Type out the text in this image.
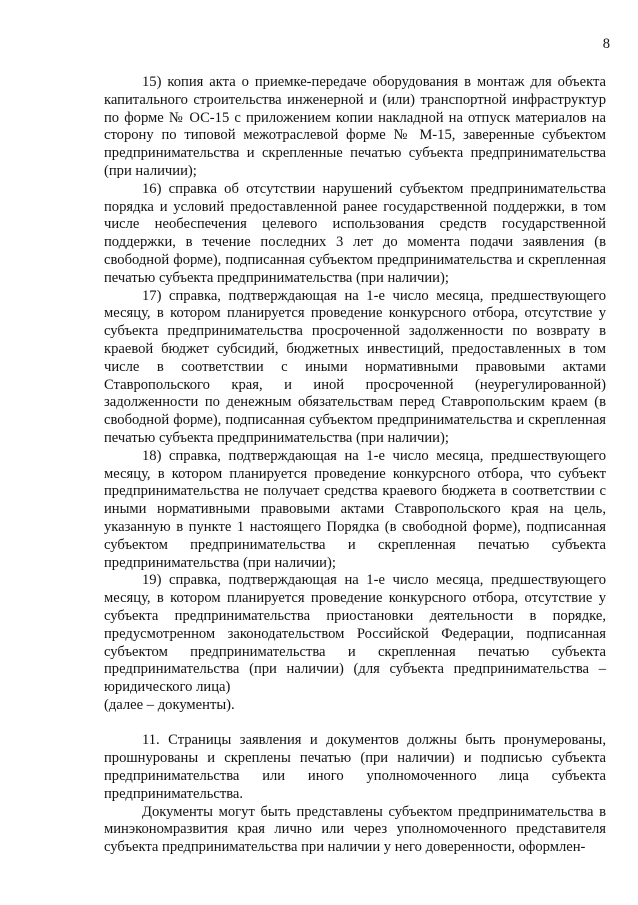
8

15) копия акта о приемке-передаче оборудования в монтаж для объекта капитального строительства инженерной и (или) транспортной инфраструктур по форме № ОС-15 с приложением копии накладной на отпуск материалов на сторону по типовой межотраслевой форме № М-15, заверенные субъектом предпринимательства и скрепленные печатью субъекта предпринимательства (при наличии);

16) справка об отсутствии нарушений субъектом предпринимательства порядка и условий предоставленной ранее государственной поддержки, в том числе необеспечения целевого использования средств государственной поддержки, в течение последних 3 лет до момента подачи заявления (в свободной форме), подписанная субъектом предпринимательства и скрепленная печатью субъекта предпринимательства (при наличии);

17) справка, подтверждающая на 1-е число месяца, предшествующего месяцу, в котором планируется проведение конкурсного отбора, отсутствие у субъекта предпринимательства просроченной задолженности по возврату в краевой бюджет субсидий, бюджетных инвестиций, предоставленных в том числе в соответствии с иными нормативными правовыми актами Ставропольского края, и иной просроченной (неурегулированной) задолженности по денежным обязательствам перед Ставропольским краем (в свободной форме), подписанная субъектом предпринимательства и скрепленная печатью субъекта предпринимательства (при наличии);

18) справка, подтверждающая на 1-е число месяца, предшествующего месяцу, в котором планируется проведение конкурсного отбора, что субъект предпринимательства не получает средства краевого бюджета в соответствии с иными нормативными правовыми актами Ставропольского края на цель, указанную в пункте 1 настоящего Порядка (в свободной форме), подписанная субъектом предпринимательства и скрепленная печатью субъекта предпринимательства (при наличии);

19) справка, подтверждающая на 1-е число месяца, предшествующего месяцу, в котором планируется проведение конкурсного отбора, отсутствие у субъекта предпринимательства приостановки деятельности в порядке, предусмотренном законодательством Российской Федерации, подписанная субъектом предпринимательства и скрепленная печатью субъекта предпринимательства (при наличии) (для субъекта предпринимательства – юридического лица)

(далее – документы).

11. Страницы заявления и документов должны быть пронумерованы, прошнурованы и скреплены печатью (при наличии) и подписью субъекта предпринимательства или иного уполномоченного лица субъекта предпринимательства.

Документы могут быть представлены субъектом предпринимательства в минэкономразвития края лично или через уполномоченного представителя субъекта предпринимательства при наличии у него доверенности, оформлен-
